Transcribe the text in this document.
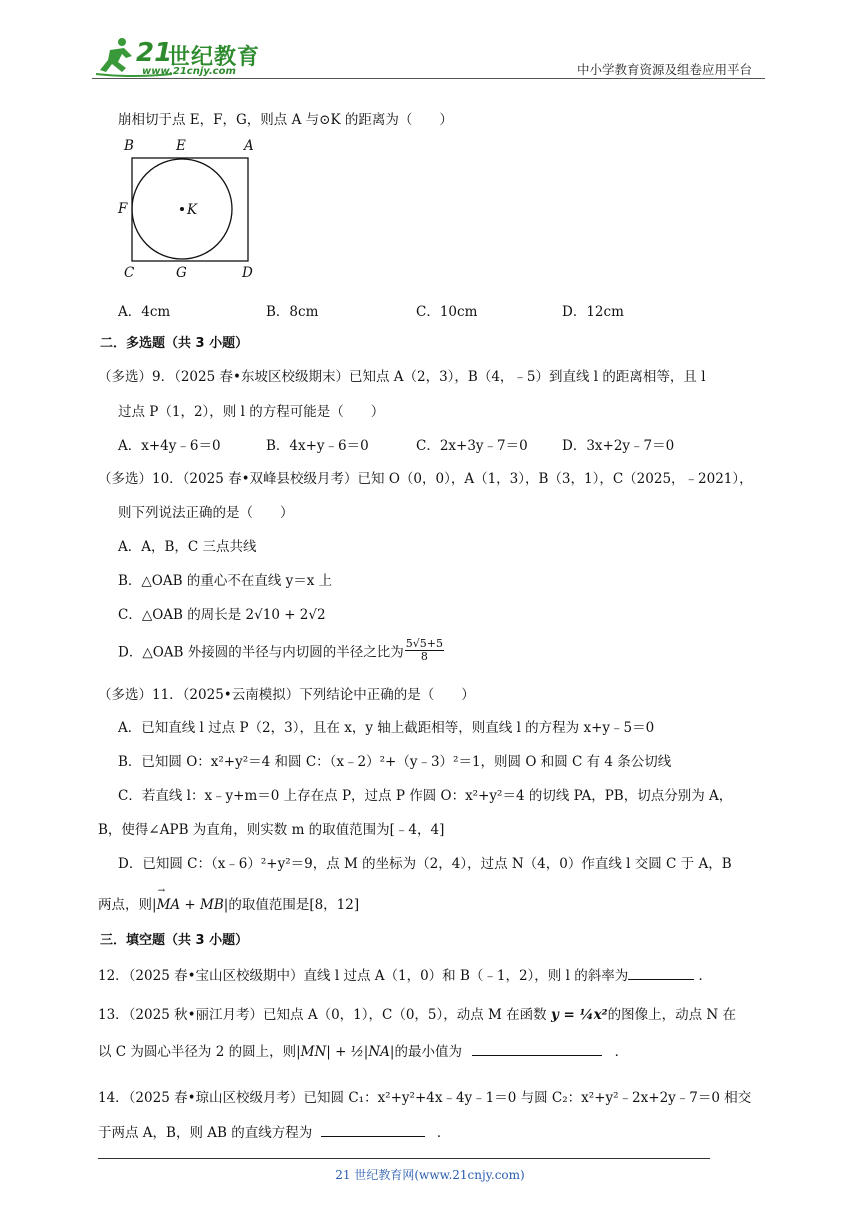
21
世纪教育
www.21cnjy.com	中小学教育资源及组卷应用平台
崩相切于点 E，F，G，则点 A 与⊙K 的距离为（　　）
B	E	A
F	K
C	G	D
A．4cm	B．8cm	C．10cm	D．12cm
二．多选题（共 3 小题）
（多选）9．（2025 春•东坡区校级期末）已知点 A（2，3），B（4，﹣5）到直线 l 的距离相等，且 l
过点 P（1，2），则 l 的方程可能是（　　）
A．x+4y﹣6＝0	B．4x+y﹣6＝0	C．2x+3y﹣7＝0	D．3x+2y﹣7＝0
（多选）10．（2025 春•双峰县校级月考）已知 O（0，0），A（1，3），B（3，1），C（2025，﹣2021），
则下列说法正确的是（　　）
A．A，B，C 三点共线
B．△OAB 的重心不在直线 y＝x 上
C．△OAB 的周长是 2√10 + 2√2
D．△OAB 外接圆的半径与内切圆的半径之比为 $\frac{5√5+5}{8}$
（多选）11．（2025•云南模拟）下列结论中正确的是（　　）
A．已知直线 l 过点 P（2，3），且在 x，y 轴上截距相等，则直线 l 的方程为 x+y﹣5＝0
B．已知圆 O：x²+y²＝4 和圆 C：（x﹣2）²+（y﹣3）²＝1，则圆 O 和圆 C 有 4 条公切线
C．若直线 l：x﹣y+m＝0 上存在点 P，过点 P 作圆 O：x²+y²＝4 的切线 PA，PB，切点分别为 A，
B，使得∠APB 为直角，则实数 m 的取值范围为[﹣4，4]
D．已知圆 C：（x﹣6）²+y²＝9，点 M 的坐标为（2，4），过点 N（4，0）作直线 l 交圆 C 于 A，B
两点，则|→ MA + MB|的取值范围是[8，12]
三．填空题（共 3 小题）
12．（2025 春•宝山区校级期中）直线 l 过点 A（1，0）和 B（﹣1，2），则 l 的斜率为	．
13．（2025 秋•丽江月考）已知点 A（0，1），C（0，5），动点 M 在函数 y = ¼x²的图像上，动点 N 在
以 C 为圆心半径为 2 的圆上，则|MN| + ½|NA|的最小值为	．
14．（2025 春•琼山区校级月考）已知圆 C₁：x²+y²+4x﹣4y﹣1＝0 与圆 C₂：x²+y²﹣2x+2y﹣7＝0 相交
于两点 A，B，则 AB 的直线方程为	．
21 世纪教育网(www.21cnjy.com)
